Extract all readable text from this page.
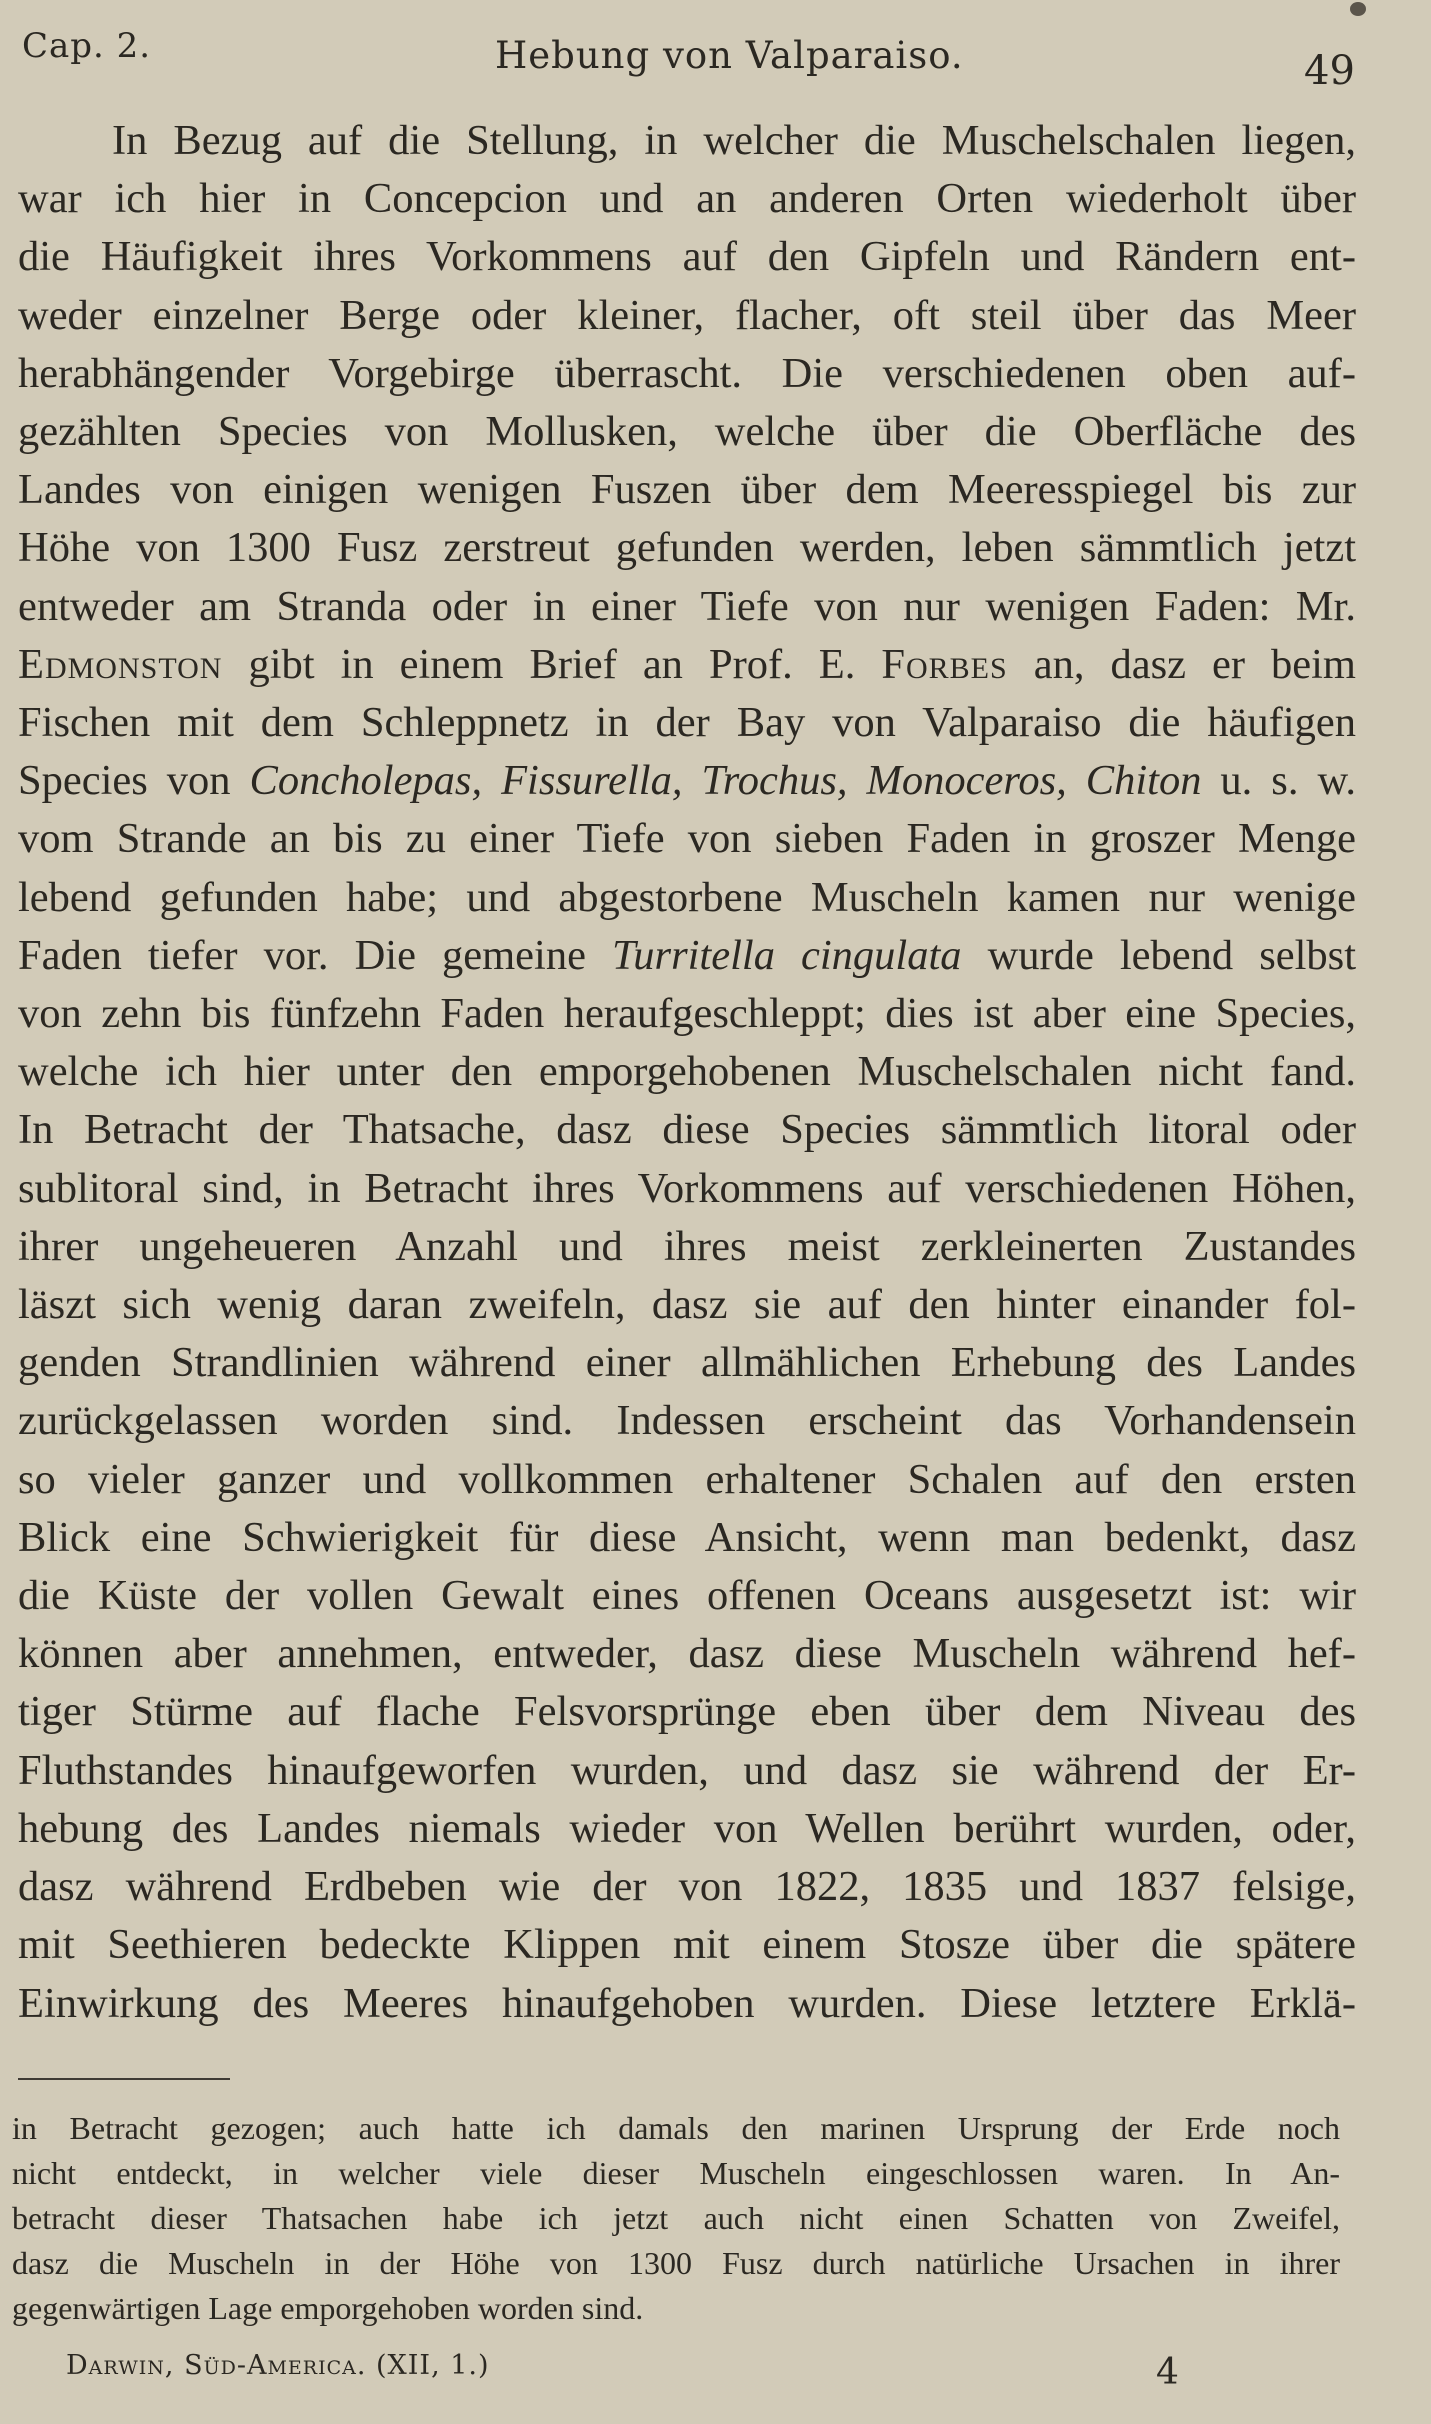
Cap. 2.	Hebung von Valparaiso.	49

In Bezug auf die Stellung, in welcher die Muschelschalen liegen,
war ich hier in Concepcion und an anderen Orten wiederholt über
die Häufigkeit ihres Vorkommens auf den Gipfeln und Rändern ent-
weder einzelner Berge oder kleiner, flacher, oft steil über das Meer
herabhängender Vorgebirge überrascht. Die verschiedenen oben auf-
gezählten Species von Mollusken, welche über die Oberfläche des
Landes von einigen wenigen Fuszen über dem Meeresspiegel bis zur
Höhe von 1300 Fusz zerstreut gefunden werden, leben sämmtlich jetzt
entweder am Stranda oder in einer Tiefe von nur wenigen Faden: Mr.
Edmonston gibt in einem Brief an Prof. E. Forbes an, dasz er beim
Fischen mit dem Schleppnetz in der Bay von Valparaiso die häufigen
Species von Concholepas, Fissurella, Trochus, Monoceros, Chiton u. s. w.
vom Strande an bis zu einer Tiefe von sieben Faden in groszer Menge
lebend gefunden habe; und abgestorbene Muscheln kamen nur wenige
Faden tiefer vor. Die gemeine Turritella cingulata wurde lebend selbst
von zehn bis fünfzehn Faden heraufgeschleppt; dies ist aber eine Species,
welche ich hier unter den emporgehobenen Muschelschalen nicht fand.
In Betracht der Thatsache, dasz diese Species sämmtlich litoral oder
sublitoral sind, in Betracht ihres Vorkommens auf verschiedenen Höhen,
ihrer ungeheueren Anzahl und ihres meist zerkleinerten Zustandes
läszt sich wenig daran zweifeln, dasz sie auf den hinter einander fol-
genden Strandlinien während einer allmählichen Erhebung des Landes
zurückgelassen worden sind. Indessen erscheint das Vorhandensein
so vieler ganzer und vollkommen erhaltener Schalen auf den ersten
Blick eine Schwierigkeit für diese Ansicht, wenn man bedenkt, dasz
die Küste der vollen Gewalt eines offenen Oceans ausgesetzt ist: wir
können aber annehmen, entweder, dasz diese Muscheln während hef-
tiger Stürme auf flache Felsvorsprünge eben über dem Niveau des
Fluthstandes hinaufgeworfen wurden, und dasz sie während der Er-
hebung des Landes niemals wieder von Wellen berührt wurden, oder,
dasz während Erdbeben wie der von 1822, 1835 und 1837 felsige,
mit Seethieren bedeckte Klippen mit einem Stosze über die spätere
Einwirkung des Meeres hinaufgehoben wurden. Diese letztere Erklä-

in Betracht gezogen; auch hatte ich damals den marinen Ursprung der Erde noch
nicht entdeckt, in welcher viele dieser Muscheln eingeschlossen waren. In An-
betracht dieser Thatsachen habe ich jetzt auch nicht einen Schatten von Zweifel,
dasz die Muscheln in der Höhe von 1300 Fusz durch natürliche Ursachen in ihrer
gegenwärtigen Lage emporgehoben worden sind.
Darwin, Süd-America. (XII, 1.)	4
